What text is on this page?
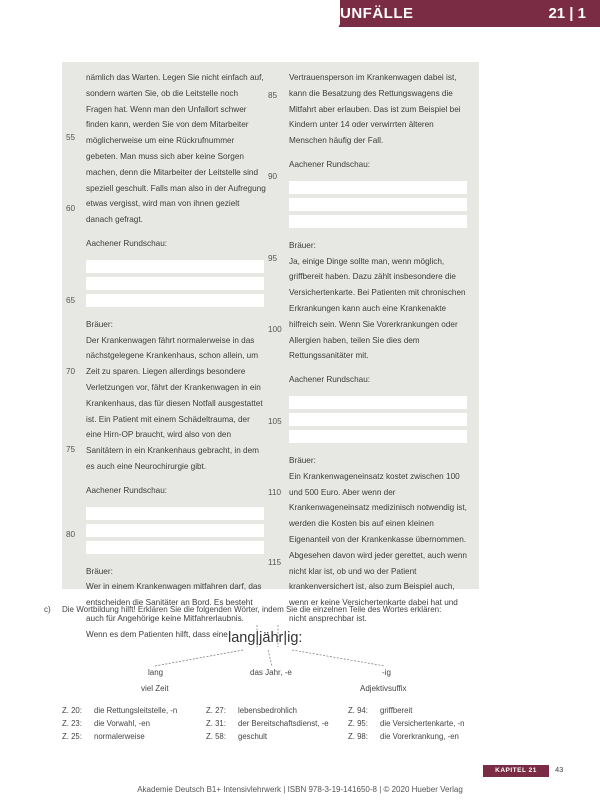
UNFÄLLE	21 | 1
nämlich das Warten. Legen Sie nicht einfach auf, sondern warten Sie, ob die Leitstelle noch Fragen hat. Wenn man den Unfallort schwer finden kann, werden Sie von dem Mitarbeiter möglicherweise um eine Rückrufnummer gebeten. Man muss sich aber keine Sorgen machen, denn die Mitarbeiter der Leitstelle sind speziell geschult. Falls man also in der Aufregung etwas vergisst, wird man von ihnen gezielt danach gefragt.
Aachener Rundschau:
Bräuer:
Der Krankenwagen fährt normalerweise in das nächstgelegene Krankenhaus, schon allein, um Zeit zu sparen. Liegen allerdings besondere Verletzungen vor, fährt der Krankenwagen in ein Krankenhaus, das für diesen Notfall ausgestattet ist. Ein Patient mit einem Schädeltrauma, der eine Hirn-OP braucht, wird also von den Sanitätern in ein Krankenhaus gebracht, in dem es auch eine Neurochirurgie gibt.
Aachener Rundschau:
Bräuer:
Wer in einem Krankenwagen mitfahren darf, das entscheiden die Sanitäter an Bord. Es besteht auch für Angehörige keine Mitfahrerlaubnis. Wenn es dem Patienten hilft, dass eine
Vertrauensperson im Krankenwagen dabei ist, kann die Besatzung des Rettungswagens die Mitfahrt aber erlauben. Das ist zum Beispiel bei Kindern unter 14 oder verwirrten älteren Menschen häufig der Fall.
Aachener Rundschau:
Bräuer:
Ja, einige Dinge sollte man, wenn möglich, griffbereit haben. Dazu zählt insbesondere die Versichertenkarte. Bei Patienten mit chronischen Erkrankungen kann auch eine Krankenakte hilfreich sein. Wenn Sie Vorerkrankungen oder Allergien haben, teilen Sie dies dem Rettungssanitäter mit.
Aachener Rundschau:
Bräuer:
Ein Krankenwageneinsatz kostet zwischen 100 und 500 Euro. Aber wenn der Krankenwageneinsatz medizinisch notwendig ist, werden die Kosten bis auf einen kleinen Eigenanteil von der Krankenkasse übernommen. Abgesehen davon wird jeder gerettet, auch wenn nicht klar ist, ob und wo der Patient krankenversichert ist, also zum Beispiel auch, wenn er keine Versichertenkarte dabei hat und nicht ansprechbar ist.
55
60
65
70
75
80
85
90
95
100
105
110
115
c) Die Wortbildung hilft! Erklären Sie die folgenden Wörter, indem Sie die einzelnen Teile des Wortes erklären:
lang|jähr|ig:
lang
viel Zeit
das Jahr, -e	-ig
Adjektivsuffix
Z. 20:	die Rettungsleitstelle, -n
Z. 23:	die Vorwahl, -en
Z. 25:	normalerweise
Z. 27:	lebensbedrohlich
Z. 31:	der Bereitschaftsdienst, -e
Z. 58:	geschult
Z. 94:	griffbereit
Z. 95:	die Versichertenkarte, -n
Z. 98:	die Vorerkrankung, -en
KAPITEL 21	43
Akademie Deutsch B1+ Intensivlehrwerk | ISBN 978-3-19-141650-8 | © 2020 Hueber Verlag
